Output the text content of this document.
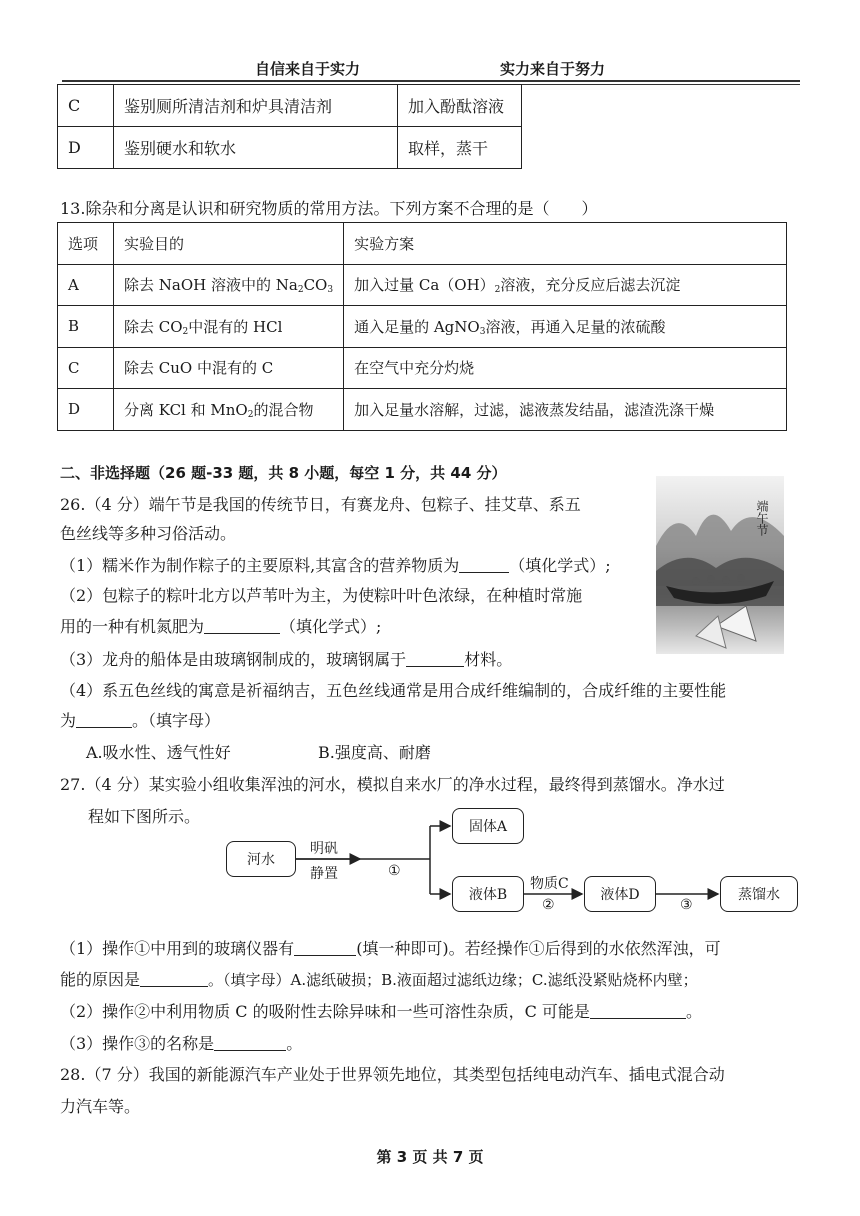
自信来自于实力	实力来自于努力
C	鉴别厕所清洁剂和炉具清洁剂	加入酚酞溶液
D	鉴别硬水和软水	取样，蒸干
13.除杂和分离是认识和研究物质的常用方法。下列方案不合理的是（　　）
选项	实验目的	实验方案
A	除去 NaOH 溶液中的 $Na_2CO_3$	加入过量 $Ca(OH)_2$溶液，充分反应后滤去沉淀
B	除去 $CO_2$中混有的 HCl	通入足量的 AgNO$_3$溶液，再通入足量的浓硫酸
C	除去 CuO 中混有的 C	在空气中充分灼烧
D	分离 KCl 和 MnO$_2$的混合物	加入足量水溶解，过滤，滤液蒸发结晶，滤渣洗涤干燥
二、非选择题（26 题-33 题，共 8 小题，每空 1 分，共 44 分）
26.（4 分）端午节是我国的传统节日，有赛龙舟、包粽子、挂艾草、系五
色丝线等多种习俗活动。	端午节
（1）糯米作为制作粽子的主要原料,其富含的营养物质为	（填化学式）;
（2）包粽子的粽叶北方以芦苇叶为主，为使粽叶叶色浓绿，在种植时常施
用的一种有机氮肥为	（填化学式）;
（3）龙舟的船体是由玻璃钢制成的，玻璃钢属于	材料。
（4）系五色丝线的寓意是祈福纳吉，五色丝线通常是用合成纤维编制的，合成纤维的主要性能
为	。（填字母）
A.吸水性、透气性好	B.强度高、耐磨
27.（4 分）某实验小组收集浑浊的河水，模拟自来水厂的净水过程，最终得到蒸馏水。净水过
程如下图所示。
河水
明矾
静置	①
固体A
液体B
物质C
②
液体D
③
蒸馏水
（1）操作①中用到的玻璃仪器有	(填一种即可)。若经操作①后得到的水依然浑浊，可
能的原因是	。（填字母）A.滤纸破损；B.液面超过滤纸边缘；C.滤纸没紧贴烧杯内壁；
（2）操作②中利用物质 C 的吸附性去除异味和一些可溶性杂质，C 可能是	。
（3）操作③的名称是	。
28.（7 分）我国的新能源汽车产业处于世界领先地位，其类型包括纯电动汽车、插电式混合动
力汽车等。
第 3 页 共 7 页
